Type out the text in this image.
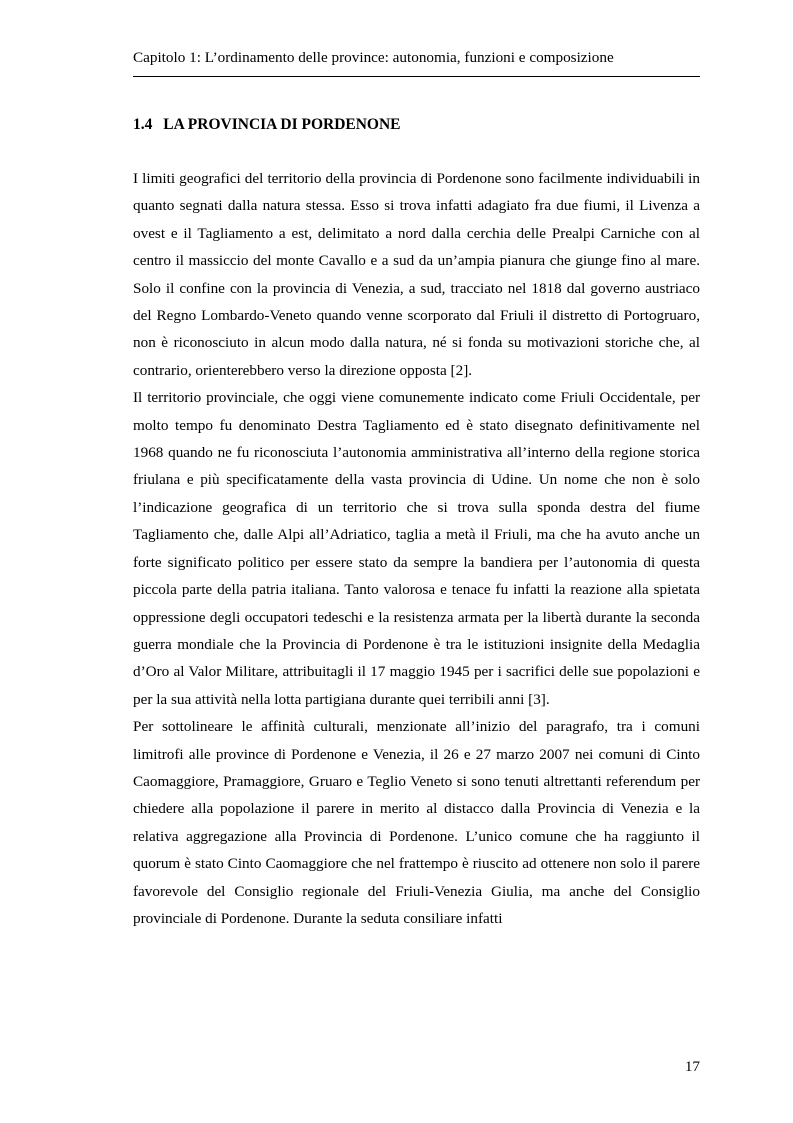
Capitolo 1: L’ordinamento delle province: autonomia, funzioni e composizione
1.4 LA PROVINCIA DI PORDENONE

I limiti geografici del territorio della provincia di Pordenone sono facilmente individuabili in quanto segnati dalla natura stessa. Esso si trova infatti adagiato fra due fiumi, il Livenza a ovest e il Tagliamento a est, delimitato a nord dalla cerchia delle Prealpi Carniche con al centro il massiccio del monte Cavallo e a sud da un’ampia pianura che giunge fino al mare. Solo il confine con la provincia di Venezia, a sud, tracciato nel 1818 dal governo austriaco del Regno Lombardo-Veneto quando venne scorporato dal Friuli il distretto di Portogruaro, non è riconosciuto in alcun modo dalla natura, né si fonda su motivazioni storiche che, al contrario, orienterebbero verso la direzione opposta [2].

Il territorio provinciale, che oggi viene comunemente indicato come Friuli Occidentale, per molto tempo fu denominato Destra Tagliamento ed è stato disegnato definitivamente nel 1968 quando ne fu riconosciuta l’autonomia amministrativa all’interno della regione storica friulana e più specificatamente della vasta provincia di Udine. Un nome che non è solo l’indicazione geografica di un territorio che si trova sulla sponda destra del fiume Tagliamento che, dalle Alpi all’Adriatico, taglia a metà il Friuli, ma che ha avuto anche un forte significato politico per essere stato da sempre la bandiera per l’autonomia di questa piccola parte della patria italiana. Tanto valorosa e tenace fu infatti la reazione alla spietata oppressione degli occupatori tedeschi e la resistenza armata per la libertà durante la seconda guerra mondiale che la Provincia di Pordenone è tra le istituzioni insignite della Medaglia d’Oro al Valor Militare, attribuitagli il 17 maggio 1945 per i sacrifici delle sue popolazioni e per la sua attività nella lotta partigiana durante quei terribili anni [3].

Per sottolineare le affinità culturali, menzionate all’inizio del paragrafo, tra i comuni limitrofi alle province di Pordenone e Venezia, il 26 e 27 marzo 2007 nei comuni di Cinto Caomaggiore, Pramaggiore, Gruaro e Teglio Veneto si sono tenuti altrettanti referendum per chiedere alla popolazione il parere in merito al distacco dalla Provincia di Venezia e la relativa aggregazione alla Provincia di Pordenone. L’unico comune che ha raggiunto il quorum è stato Cinto Caomaggiore che nel frattempo è riuscito ad ottenere non solo il parere favorevole del Consiglio regionale del Friuli-Venezia Giulia, ma anche del Consiglio provinciale di Pordenone. Durante la seduta consiliare infatti

17
